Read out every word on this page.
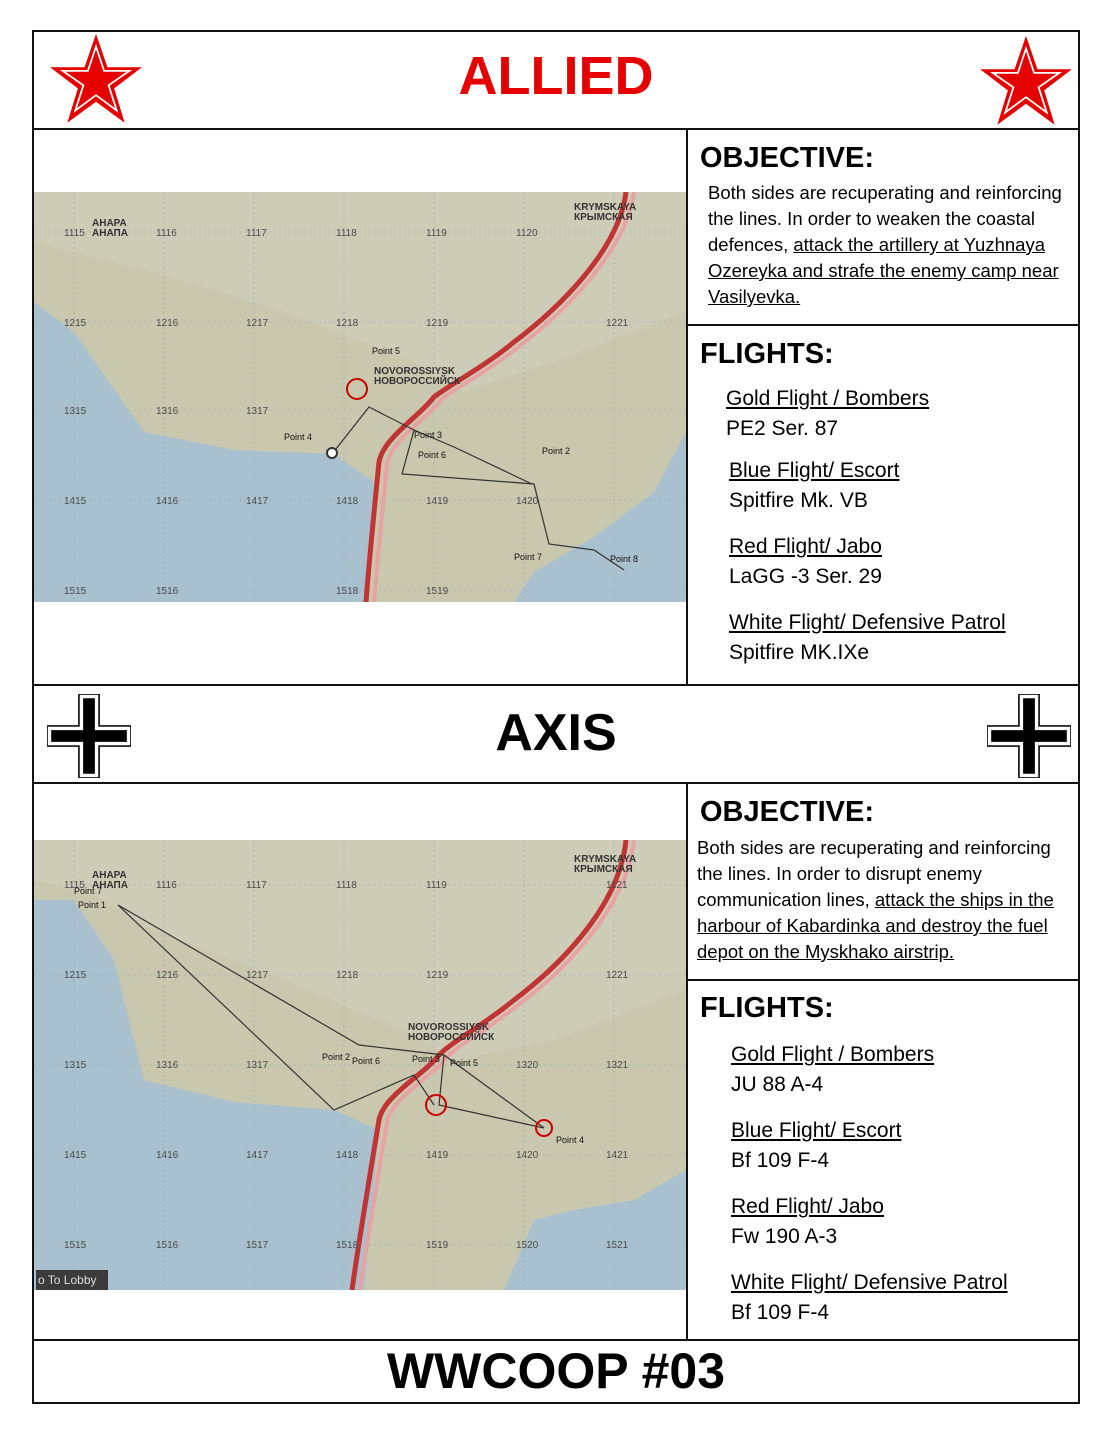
ALLIED
1115	1116	1117	1118	1119	1120
1215	1216	1217	1218	1219	1221
1315	1316	1317
1415	1416	1417	1418	1419	1420
1515	1516	1518	1519
АНАРА
АНАПА
KRYMSKAYA
КРЫМСКАЯ
NOVOROSSIYSK
НОВОРОССИЙСК
Point 5
Point 4	Point 3
Point 6	Point 2
Point 7	Point 8
OBJECTIVE:
Both sides are recuperating and reinforcing the lines. In order to weaken the coastal defences, attack the artillery at Yuzhnaya Ozereyka and strafe the enemy camp near Vasilyevka.
FLIGHTS:
Gold Flight / Bombers
PE2 Ser. 87
Blue Flight/ Escort
Spitfire Mk. VB
Red Flight/ Jabo
LaGG -3 Ser. 29
White Flight/ Defensive Patrol
Spitfire MK.IXe
AXIS
1115	1116	1117	1118	1119	1121
1215	1216	1217	1218	1219	1221
1315	1316	1317	1320	1321
1415	1416	1417	1418	1419	1420	1421
1515	1516	1517	1518	1519	1520	1521
АНАРА
АНАПА
KRYMSKAYA
КРЫМСКАЯ
NOVOROSSIYSK
НОВОРОССИЙСК
Point 7
Point 1
Point 2 Point 6	Point 3 Point 5
Point 4
o To Lobby
OBJECTIVE:
Both sides are recuperating and reinforcing the lines. In order to disrupt enemy communication lines, attack the ships in the harbour of Kabardinka and destroy the fuel depot on the Myskhako airstrip.
FLIGHTS:
Gold Flight / Bombers
JU 88 A-4
Blue Flight/ Escort
Bf 109 F-4
Red Flight/ Jabo
Fw 190 A-3
White Flight/ Defensive Patrol
Bf 109 F-4
WWCOOP #03
